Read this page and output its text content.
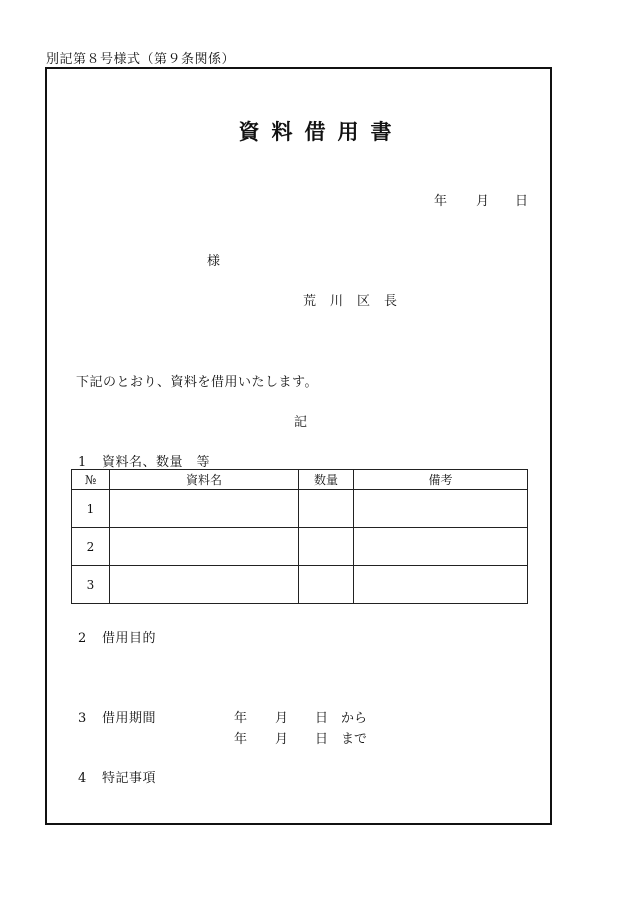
別記第８号様式（第９条関係）
資料借用書
年 月 日
様
荒川区長
下記のとおり、資料を借用いたします。
記
1 資料名、数量　等
№	資料名	数量	備考
1			
2			
3			
2 借用目的
3 借用期間	年 月 日 から
年 月 日 まで
4 特記事項
